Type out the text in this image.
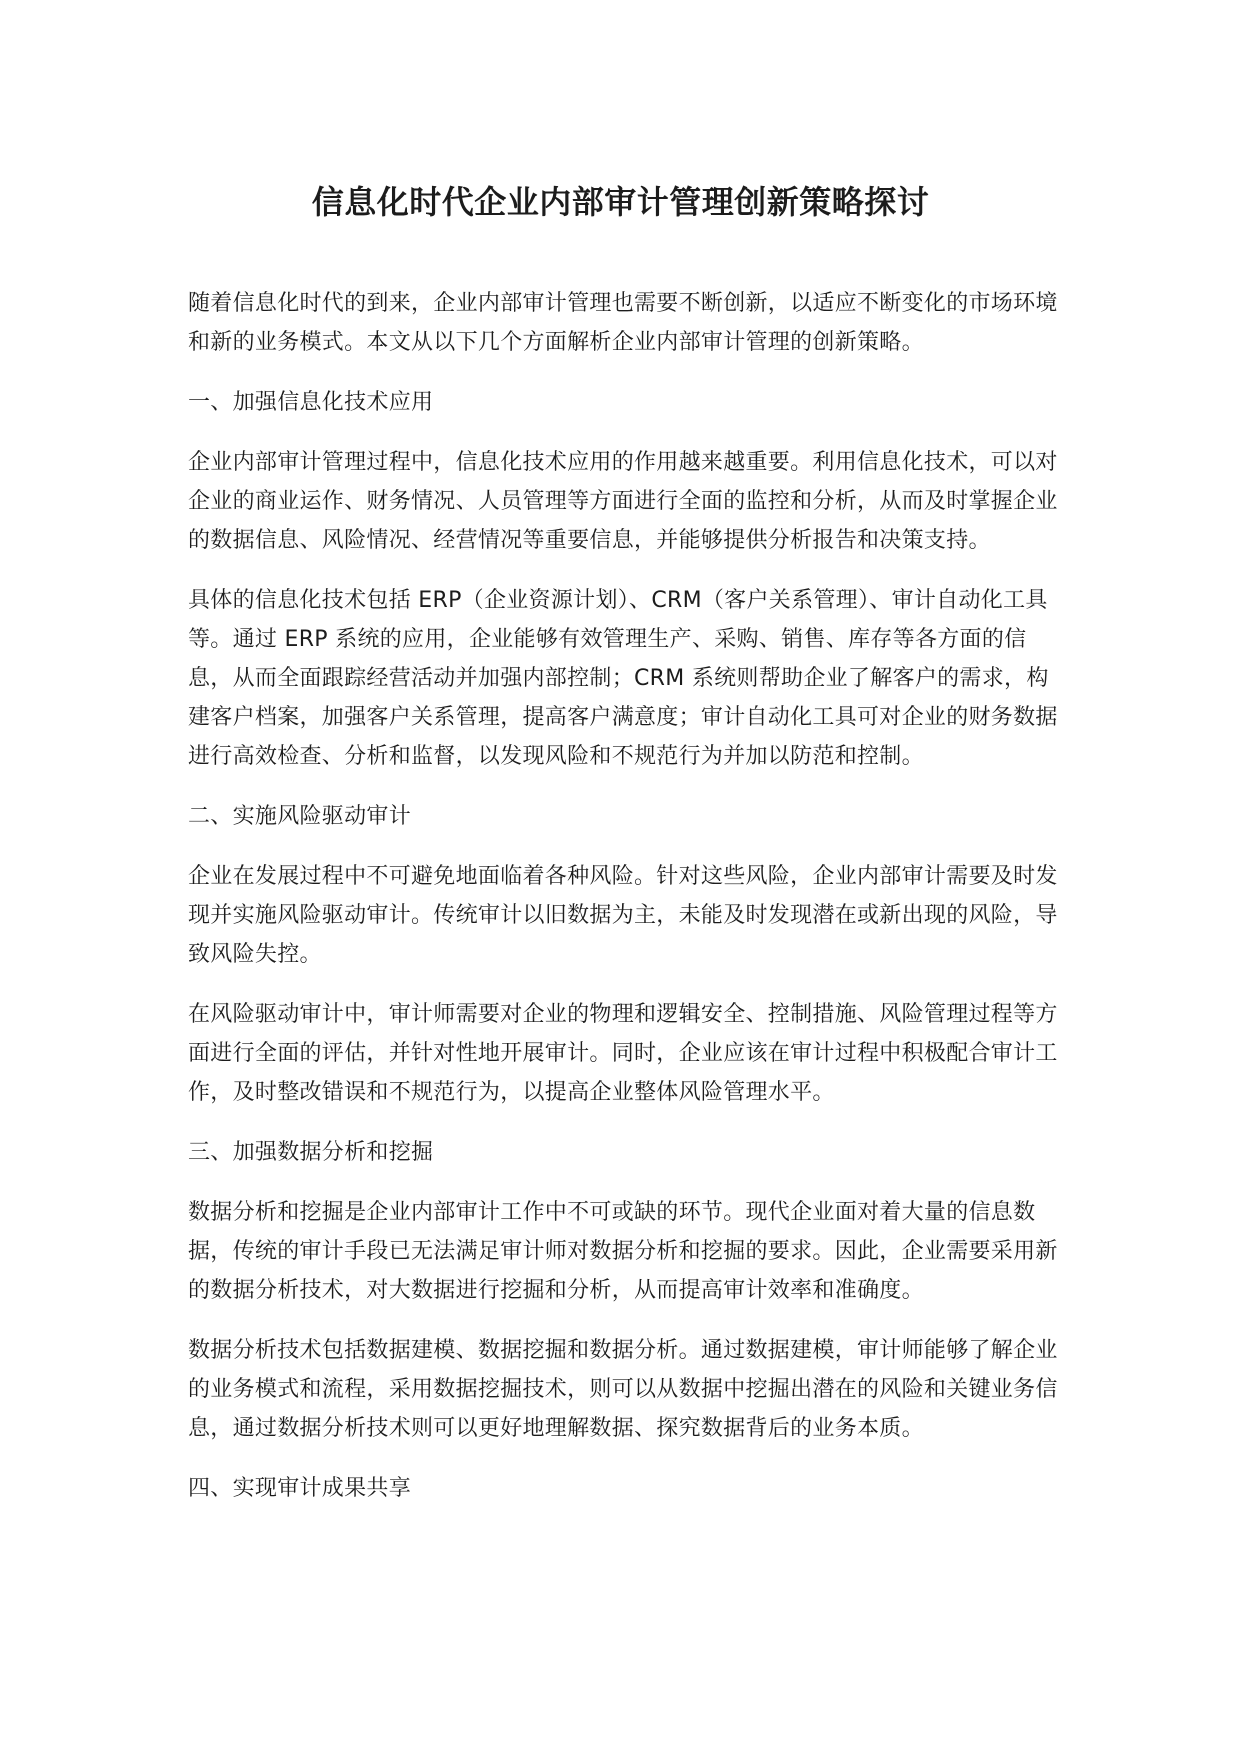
信息化时代企业内部审计管理创新策略探讨

随着信息化时代的到来，企业内部审计管理也需要不断创新，以适应不断变化的市场环境和新的业务模式。本文从以下几个方面解析企业内部审计管理的创新策略。

一、加强信息化技术应用

企业内部审计管理过程中，信息化技术应用的作用越来越重要。利用信息化技术，可以对企业的商业运作、财务情况、人员管理等方面进行全面的监控和分析，从而及时掌握企业的数据信息、风险情况、经营情况等重要信息，并能够提供分析报告和决策支持。

具体的信息化技术包括 ERP（企业资源计划）、CRM（客户关系管理）、审计自动化工具等。通过 ERP 系统的应用，企业能够有效管理生产、采购、销售、库存等各方面的信息，从而全面跟踪经营活动并加强内部控制；CRM 系统则帮助企业了解客户的需求，构建客户档案，加强客户关系管理，提高客户满意度；审计自动化工具可对企业的财务数据进行高效检查、分析和监督，以发现风险和不规范行为并加以防范和控制。

二、实施风险驱动审计

企业在发展过程中不可避免地面临着各种风险。针对这些风险，企业内部审计需要及时发现并实施风险驱动审计。传统审计以旧数据为主，未能及时发现潜在或新出现的风险，导致风险失控。

在风险驱动审计中，审计师需要对企业的物理和逻辑安全、控制措施、风险管理过程等方面进行全面的评估，并针对性地开展审计。同时，企业应该在审计过程中积极配合审计工作，及时整改错误和不规范行为，以提高企业整体风险管理水平。

三、加强数据分析和挖掘

数据分析和挖掘是企业内部审计工作中不可或缺的环节。现代企业面对着大量的信息数据，传统的审计手段已无法满足审计师对数据分析和挖掘的要求。因此，企业需要采用新的数据分析技术，对大数据进行挖掘和分析，从而提高审计效率和准确度。

数据分析技术包括数据建模、数据挖掘和数据分析。通过数据建模，审计师能够了解企业的业务模式和流程，采用数据挖掘技术，则可以从数据中挖掘出潜在的风险和关键业务信息，通过数据分析技术则可以更好地理解数据、探究数据背后的业务本质。

四、实现审计成果共享
